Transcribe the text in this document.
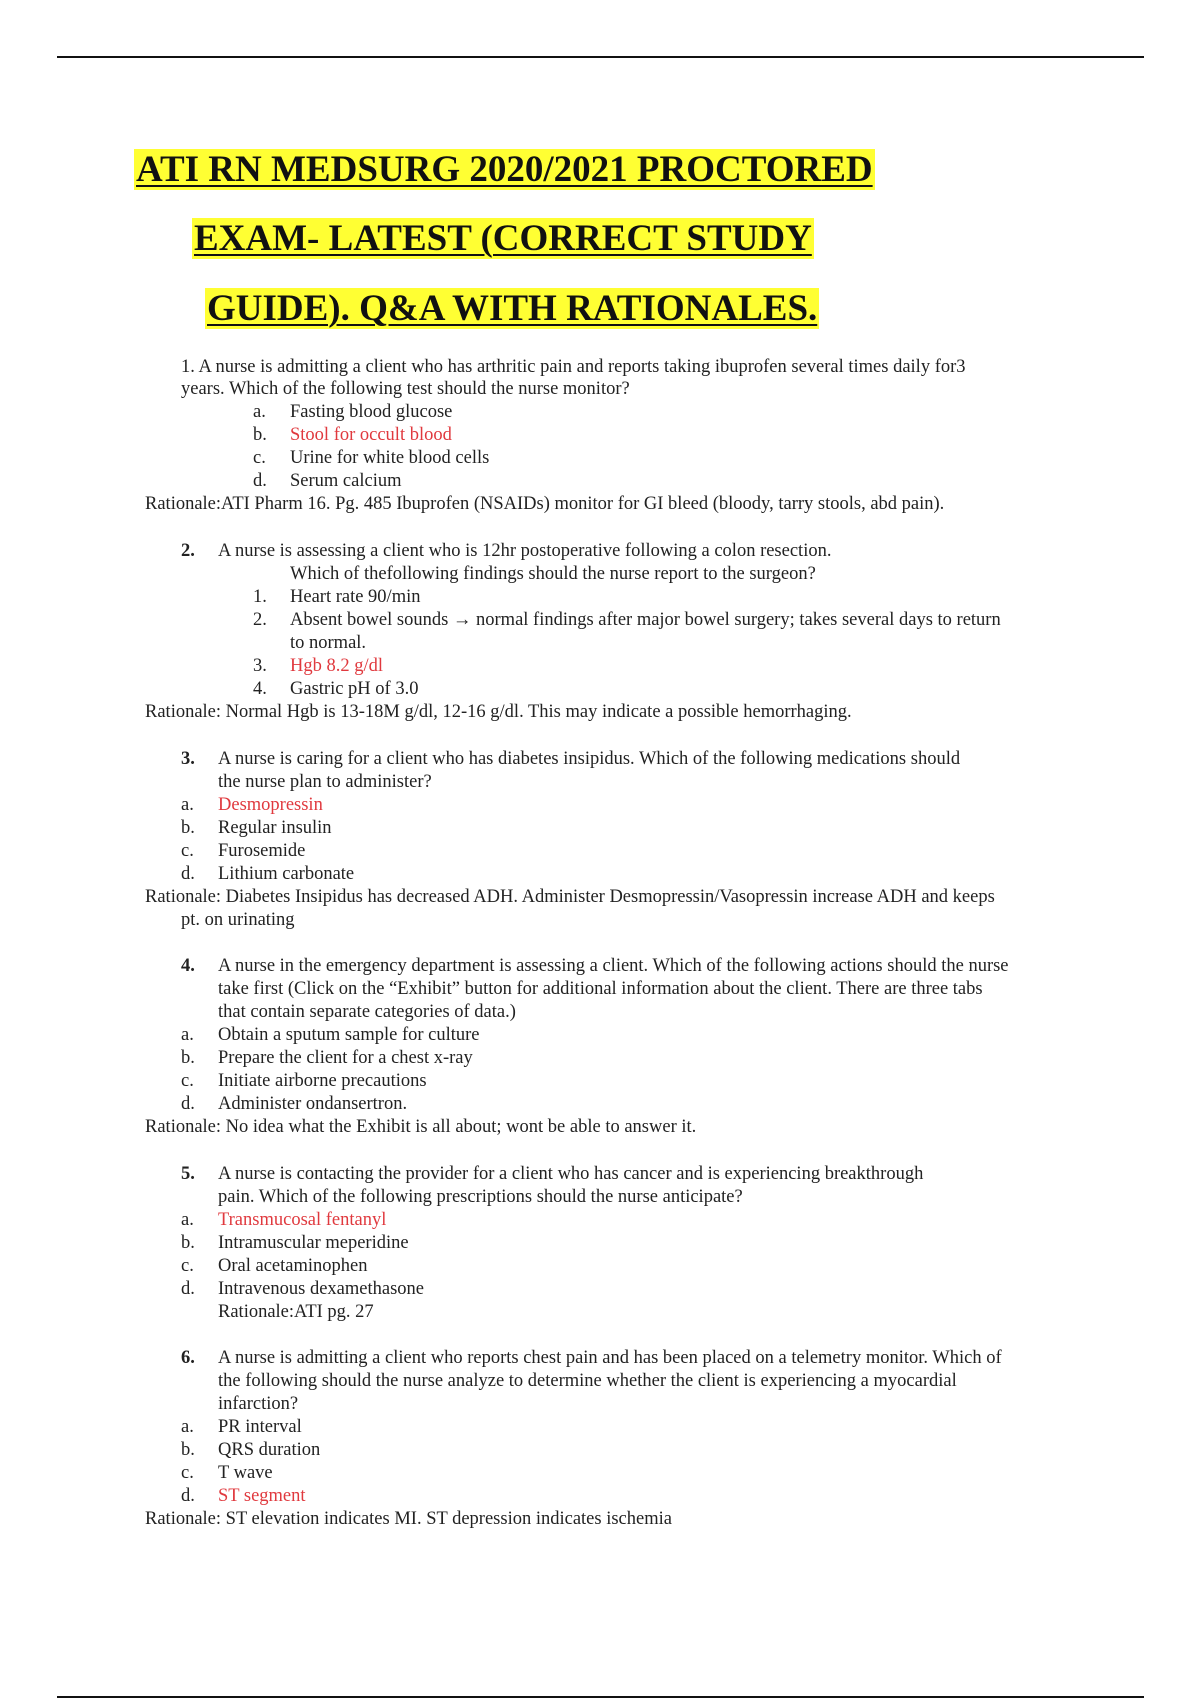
ATI RN MEDSURG 2020/2021 PROCTORED
EXAM- LATEST (CORRECT STUDY
GUIDE). Q&A WITH RATIONALES.
1. A nurse is admitting a client who has arthritic pain and reports taking ibuprofen several times daily for3
years. Which of the following test should the nurse monitor?
a. Fasting blood glucose
b. Stool for occult blood
c. Urine for white blood cells
d. Serum calcium
Rationale:ATI Pharm 16. Pg. 485 Ibuprofen (NSAIDs) monitor for GI bleed (bloody, tarry stools, abd pain).
2. A nurse is assessing a client who is 12hr postoperative following a colon resection.
Which of thefollowing findings should the nurse report to the surgeon?
1. Heart rate 90/min
2. Absent bowel sounds → normal findings after major bowel surgery; takes several days to return
to normal.
3. Hgb 8.2 g/dl
4. Gastric pH of 3.0
Rationale: Normal Hgb is 13-18M g/dl, 12-16 g/dl. This may indicate a possible hemorrhaging.
3. A nurse is caring for a client who has diabetes insipidus. Which of the following medications should
the nurse plan to administer?
a. Desmopressin
b. Regular insulin
c. Furosemide
d. Lithium carbonate
Rationale: Diabetes Insipidus has decreased ADH. Administer Desmopressin/Vasopressin increase ADH and keeps
pt. on urinating
4. A nurse in the emergency department is assessing a client. Which of the following actions should the nurse
take first (Click on the “Exhibit” button for additional information about the client. There are three tabs
that contain separate categories of data.)
a. Obtain a sputum sample for culture
b. Prepare the client for a chest x-ray
c. Initiate airborne precautions
d. Administer ondansertron.
Rationale: No idea what the Exhibit is all about; wont be able to answer it.
5. A nurse is contacting the provider for a client who has cancer and is experiencing breakthrough
pain. Which of the following prescriptions should the nurse anticipate?
a. Transmucosal fentanyl
b. Intramuscular meperidine
c. Oral acetaminophen
d. Intravenous dexamethasone
Rationale:ATI pg. 27
6. A nurse is admitting a client who reports chest pain and has been placed on a telemetry monitor. Which of
the following should the nurse analyze to determine whether the client is experiencing a myocardial
infarction?
a. PR interval
b. QRS duration
c. T wave
d. ST segment
Rationale: ST elevation indicates MI. ST depression indicates ischemia
